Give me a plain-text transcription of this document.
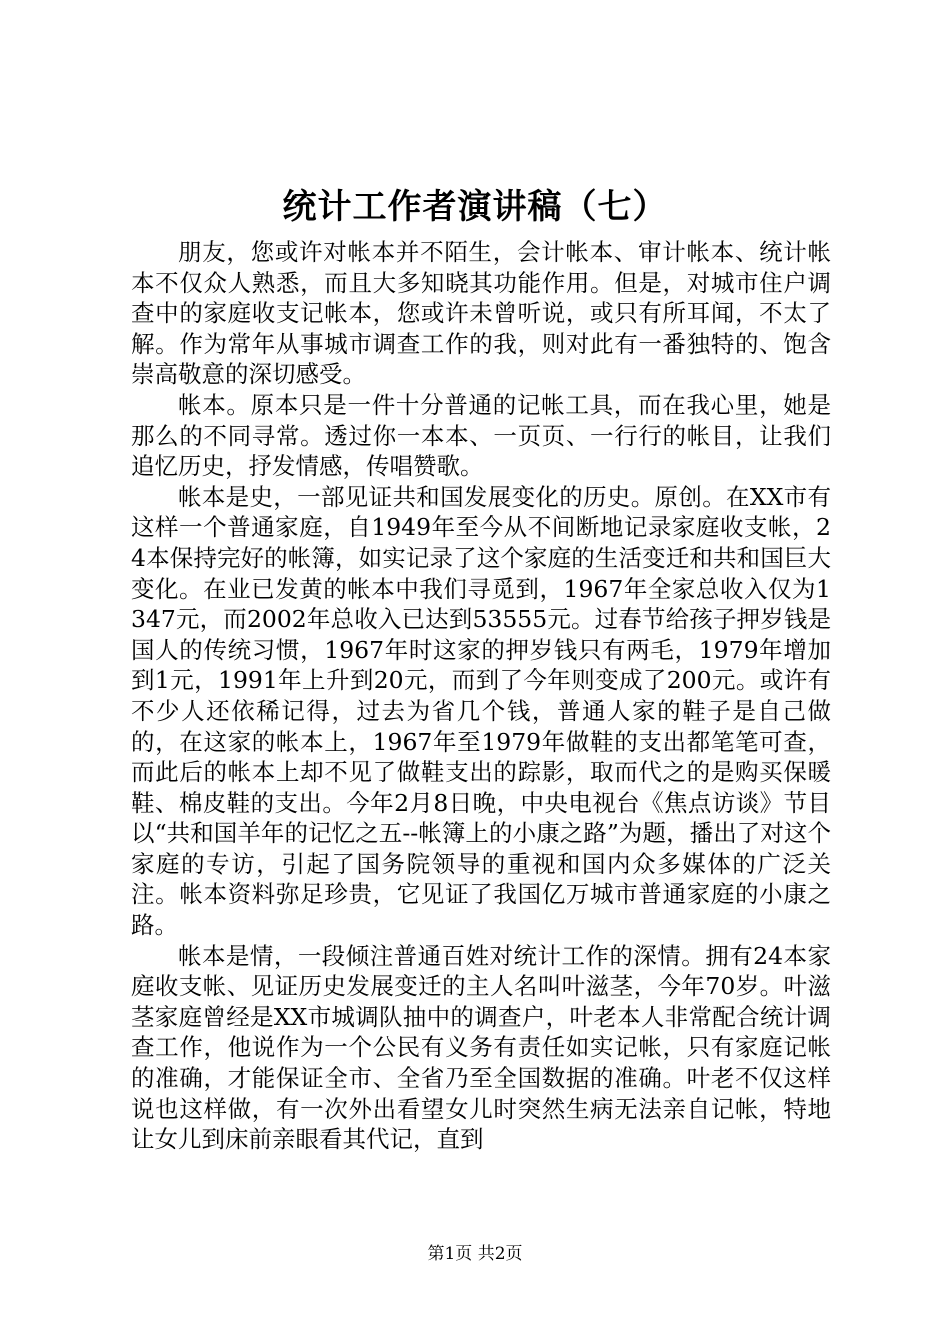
统计工作者演讲稿（七）

朋友，您或许对帐本并不陌生，会计帐本、审计帐本、统计帐本不仅众人熟悉，而且大多知晓其功能作用。但是，对城市住户调查中的家庭收支记帐本，您或许未曾听说，或只有所耳闻，不太了解。作为常年从事城市调查工作的我，则对此有一番独特的、饱含崇高敬意的深切感受。

帐本。原本只是一件十分普通的记帐工具，而在我心里，她是那么的不同寻常。透过你一本本、一页页、一行行的帐目，让我们追忆历史，抒发情感，传唱赞歌。

帐本是史，一部见证共和国发展变化的历史。原创。在XX市有这样一个普通家庭，自1949年至今从不间断地记录家庭收支帐，24本保持完好的帐簿，如实记录了这个家庭的生活变迁和共和国巨大变化。在业已发黄的帐本中我们寻觅到，1967年全家总收入仅为1347元，而2002年总收入已达到53555元。过春节给孩子押岁钱是国人的传统习惯，1967年时这家的押岁钱只有两毛，1979年增加到1元，1991年上升到20元，而到了今年则变成了200元。或许有不少人还依稀记得，过去为省几个钱，普通人家的鞋子是自己做的，在这家的帐本上，1967年至1979年做鞋的支出都笔笔可查，而此后的帐本上却不见了做鞋支出的踪影，取而代之的是购买保暖鞋、棉皮鞋的支出。今年2月8日晚，中央电视台《焦点访谈》节目以“共和国羊年的记忆之五--帐簿上的小康之路”为题，播出了对这个家庭的专访，引起了国务院领导的重视和国内众多媒体的广泛关注。帐本资料弥足珍贵，它见证了我国亿万城市普通家庭的小康之路。

帐本是情，一段倾注普通百姓对统计工作的深情。拥有24本家庭收支帐、见证历史发展变迁的主人名叫叶滋茎，今年70岁。叶滋茎家庭曾经是XX市城调队抽中的调查户，叶老本人非常配合统计调查工作，他说作为一个公民有义务有责任如实记帐，只有家庭记帐的准确，才能保证全市、全省乃至全国数据的准确。叶老不仅这样说也这样做，有一次外出看望女儿时突然生病无法亲自记帐，特地让女儿到床前亲眼看其代记，直到

第1页 共2页
